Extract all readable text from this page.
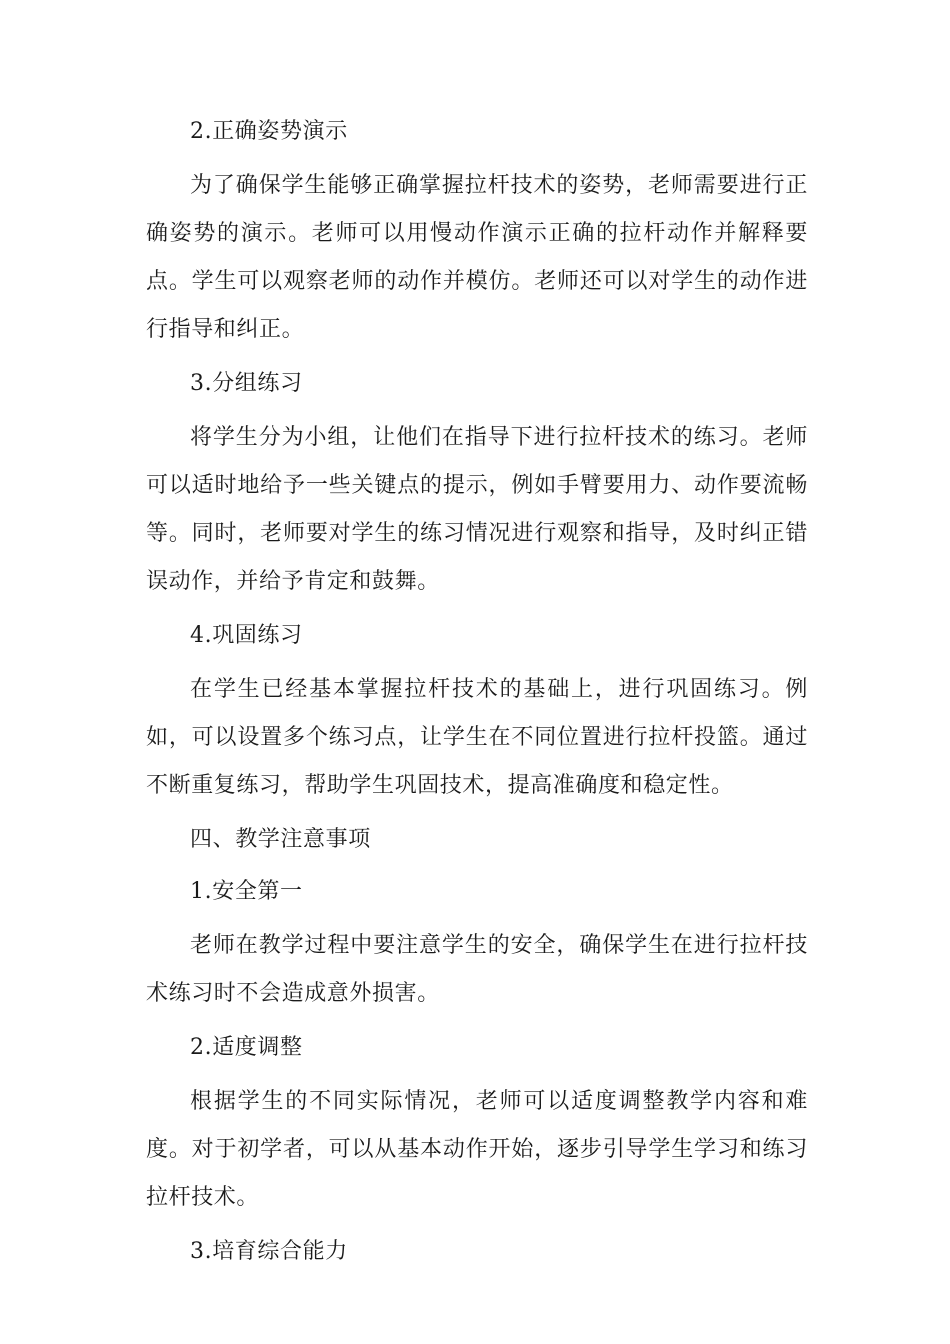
2.正确姿势演示

为了确保学生能够正确掌握拉杆技术的姿势，老师需要进行正确姿势的演示。老师可以用慢动作演示正确的拉杆动作并解释要点。学生可以观察老师的动作并模仿。老师还可以对学生的动作进行指导和纠正。

3.分组练习

将学生分为小组，让他们在指导下进行拉杆技术的练习。老师可以适时地给予一些关键点的提示，例如手臂要用力、动作要流畅等。同时，老师要对学生的练习情况进行观察和指导，及时纠正错误动作，并给予肯定和鼓舞。

4.巩固练习

在学生已经基本掌握拉杆技术的基础上，进行巩固练习。例如，可以设置多个练习点，让学生在不同位置进行拉杆投篮。通过不断重复练习，帮助学生巩固技术，提高准确度和稳定性。

四、教学注意事项

1.安全第一

老师在教学过程中要注意学生的安全，确保学生在进行拉杆技术练习时不会造成意外损害。

2.适度调整

根据学生的不同实际情况，老师可以适度调整教学内容和难度。对于初学者，可以从基本动作开始，逐步引导学生学习和练习拉杆技术。

3.培育综合能力
